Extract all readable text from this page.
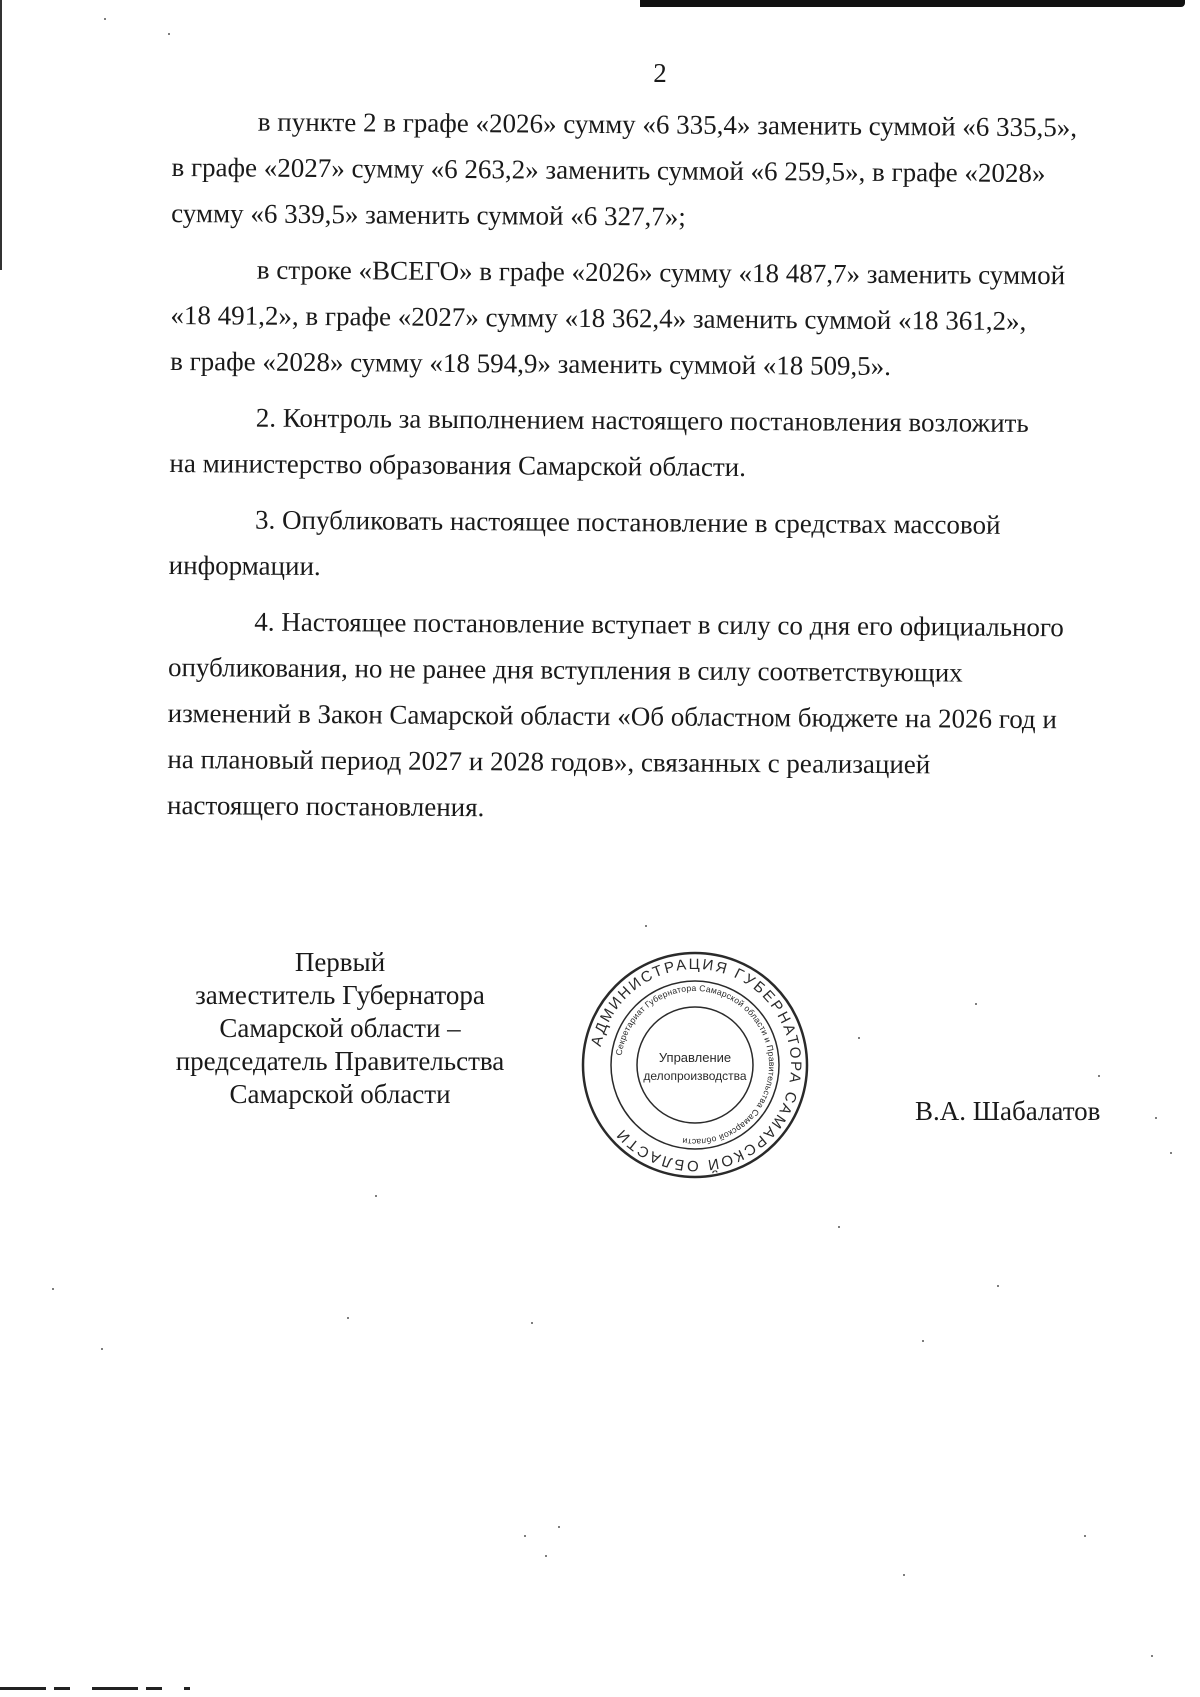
2

в пункте 2 в графе «2026» сумму «6 335,4» заменить суммой «6 335,5»,

в графе «2027» сумму «6 263,2» заменить суммой «6 259,5», в графе «2028»

сумму «6 339,5» заменить суммой «6 327,7»;

в строке «ВСЕГО» в графе «2026» сумму «18 487,7» заменить суммой

«18 491,2», в графе «2027» сумму «18 362,4» заменить суммой «18 361,2»,

в графе «2028» сумму «18 594,9» заменить суммой «18 509,5».

2. Контроль за выполнением настоящего постановления возложить

на министерство образования Самарской области.

3. Опубликовать настоящее постановление в средствах массовой

информации.

4. Настоящее постановление вступает в силу со дня его официального

опубликования, но не ранее дня вступления в силу соответствующих

изменений в Закон Самарской области «Об областном бюджете на 2026 год и

на плановый период 2027 и 2028 годов», связанных с реализацией

настоящего постановления.

Первый
заместитель Губернатора
Самарской области –
председатель Правительства
Самарской области
АДМИНИСТРАЦИЯ ГУБЕРНАТОРА САМАРСКОЙ ОБЛАСТИ
Секретариат Губернатора Самарской области и Правительства Самарской области
Управление
делопроизводства
В.А. Шабалатов
